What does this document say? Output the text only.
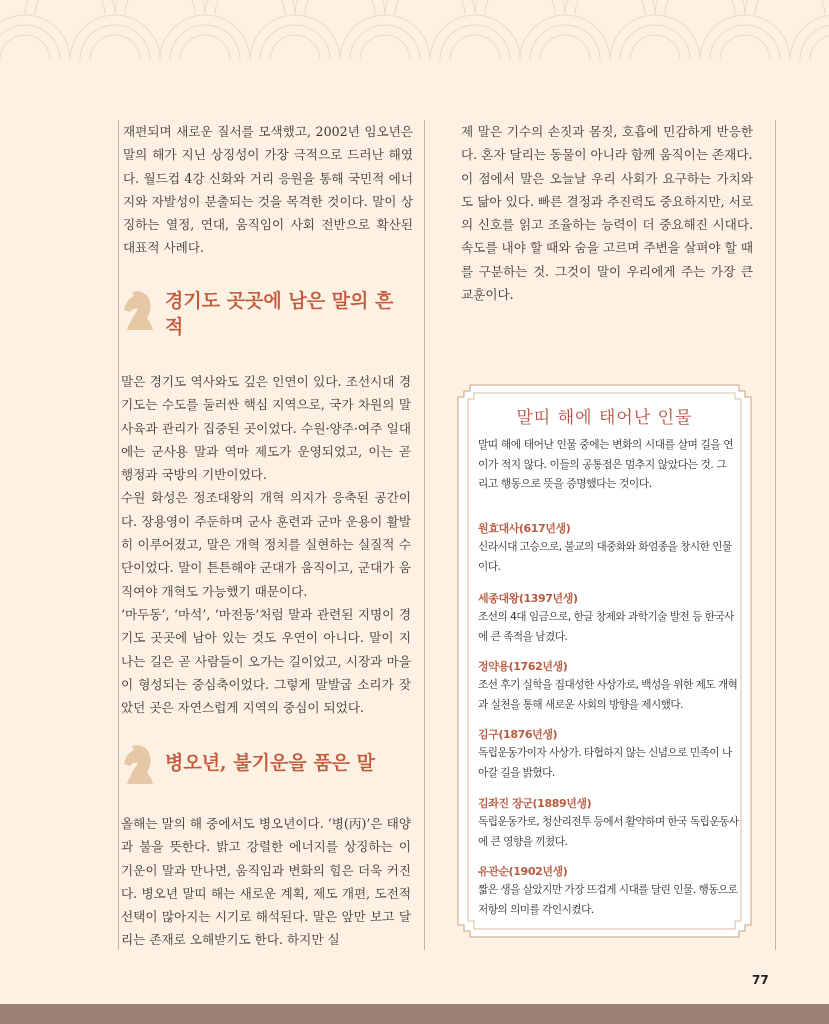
재편되며 새로운 질서를 모색했고, 2002년 임오년은 말의 해가 지닌 상징성이 가장 극적으로 드러난 해였다. 월드컵 4강 신화와 거리 응원을 통해 국민적 에너지와 자발성이 분출되는 것을 목격한 것이다. 말이 상징하는 열정, 연대, 움직임이 사회 전반으로 확산된 대표적 사례다.

경기도 곳곳에 남은 말의 흔적

말은 경기도 역사와도 깊은 인연이 있다. 조선시대 경기도는 수도를 둘러싼 핵심 지역으로, 국가 차원의 말 사육과 관리가 집중된 곳이었다. 수원·양주·여주 일대에는 군사용 말과 역마 제도가 운영되었고, 이는 곧 행정과 국방의 기반이었다.

수원 화성은 정조대왕의 개혁 의지가 응축된 공간이다. 장용영이 주둔하며 군사 훈련과 군마 운용이 활발히 이루어졌고, 말은 개혁 정치를 실현하는 실질적 수단이었다. 말이 튼튼해야 군대가 움직이고, 군대가 움직여야 개혁도 가능했기 때문이다.

‘마두동’, ‘마석’, ‘마전동’처럼 말과 관련된 지명이 경기도 곳곳에 남아 있는 것도 우연이 아니다. 말이 지나는 길은 곧 사람들이 오가는 길이었고, 시장과 마을이 형성되는 중심축이었다. 그렇게 말발굽 소리가 잦았던 곳은 자연스럽게 지역의 중심이 되었다.

병오년, 불기운을 품은 말

올해는 말의 해 중에서도 병오년이다. ‘병(丙)’은 태양과 불을 뜻한다. 밝고 강렬한 에너지를 상징하는 이 기운이 말과 만나면, 움직임과 변화의 힘은 더욱 커진다. 병오년 말띠 해는 새로운 계획, 제도 개편, 도전적 선택이 많아지는 시기로 해석된다. 말은 앞만 보고 달리는 존재로 오해받기도 한다. 하지만 실

제 말은 기수의 손짓과 몸짓, 호흡에 민감하게 반응한다. 혼자 달리는 동물이 아니라 함께 움직이는 존재다.

이 점에서 말은 오늘날 우리 사회가 요구하는 가치와도 닮아 있다. 빠른 결정과 추진력도 중요하지만, 서로의 신호를 읽고 조율하는 능력이 더 중요해진 시대다. 속도를 내야 할 때와 숨을 고르며 주변을 살펴야 할 때를 구분하는 것. 그것이 말이 우리에게 주는 가장 큰 교훈이다.

말띠 해에 태어난 인물
말띠 해에 태어난 인물 중에는 변화의 시대를 살며 길을 연 이가 적지 않다. 이들의 공통점은 멈추지 않았다는 것. 그리고 행동으로 뜻을 증명했다는 것이다.
원효대사(617년생)
신라시대 고승으로, 불교의 대중화와 화엄종을 창시한 인물이다.
세종대왕(1397년생)
조선의 4대 임금으로, 한글 창제와 과학기술 발전 등 한국사에 큰 족적을 남겼다.
정약용(1762년생)
조선 후기 실학을 집대성한 사상가로, 백성을 위한 제도 개혁과 실천을 통해 새로운 사회의 방향을 제시했다.
김구(1876년생)
독립운동가이자 사상가. 타협하지 않는 신념으로 민족이 나아갈 길을 밝혔다.
김좌진 장군(1889년생)
독립운동가로, 청산리전투 등에서 활약하며 한국 독립운동사에 큰 영향을 끼쳤다.
유관순(1902년생)
짧은 생을 살았지만 가장 뜨겁게 시대를 달린 인물. 행동으로 저항의 의미를 각인시켰다.
77
